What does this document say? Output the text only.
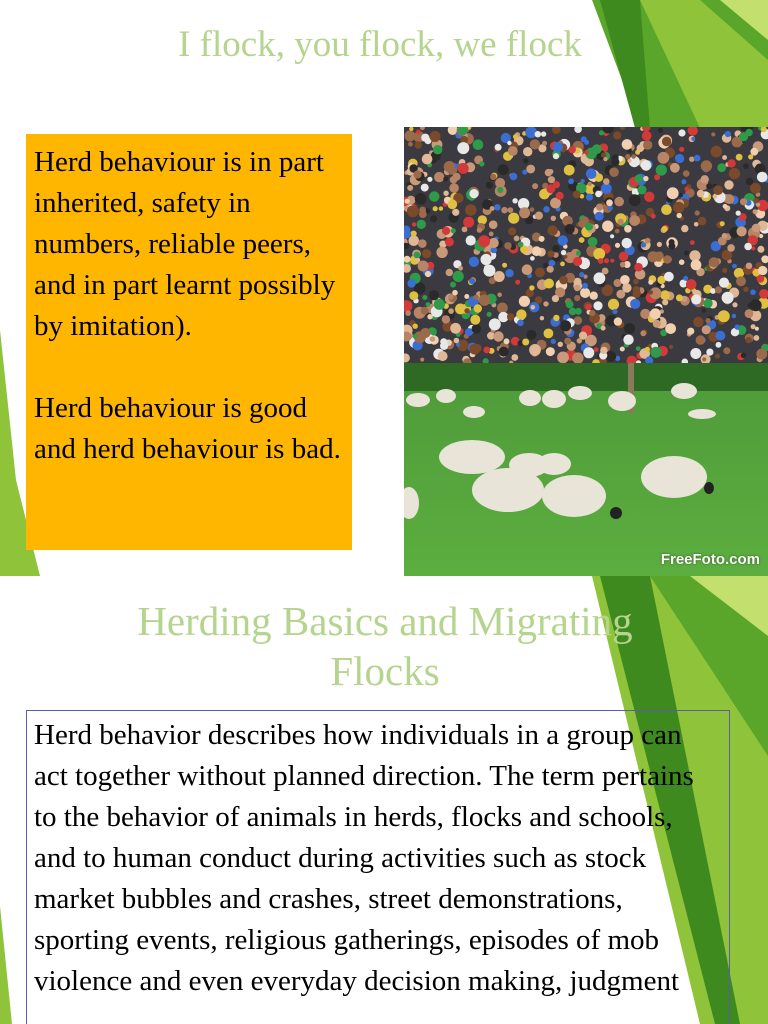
I flock, you flock, we flock

Herd behaviour is in part inherited, safety in numbers, reliable peers, and in part learnt possibly by imitation).

Herd behaviour is good and herd behaviour is bad.

FreeFoto.com
Herding Basics and Migrating Flocks

Herd behavior describes how individuals in a group can act together without planned direction. The term pertains to the behavior of animals in herds, flocks and schools, and to human conduct during activities such as stock market bubbles and crashes, street demonstrations, sporting events, religious gatherings, episodes of mob violence and even everyday decision making, judgment
